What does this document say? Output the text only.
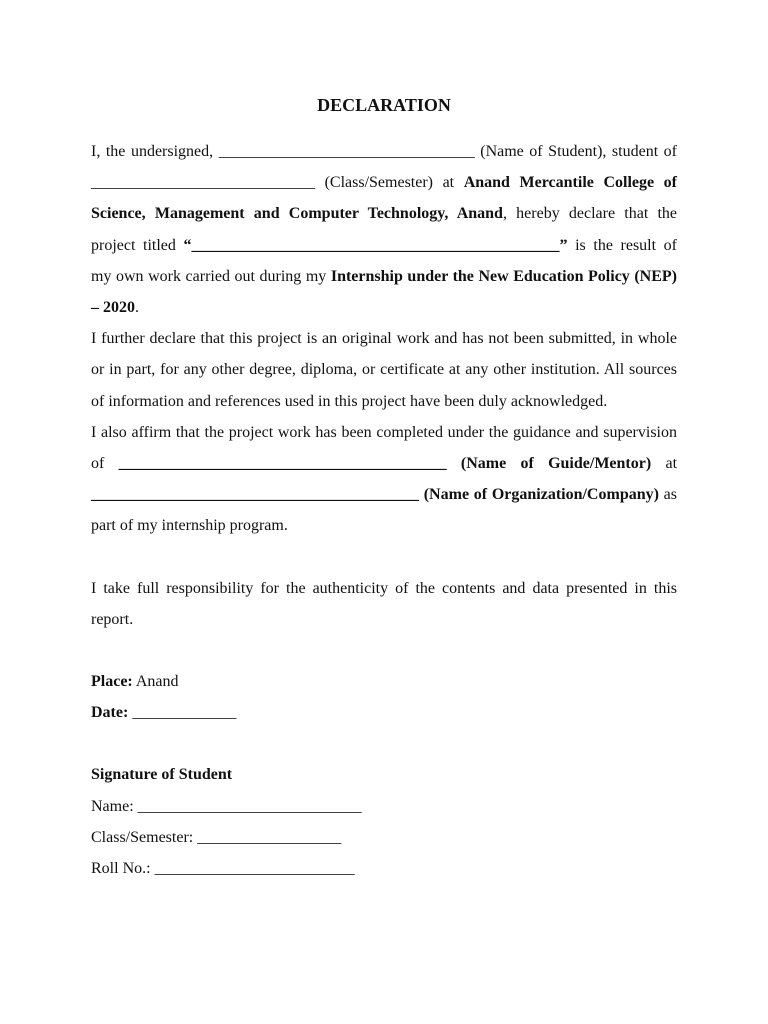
DECLARATION

I, the undersigned, ________________________________ (Name of Student), student of ____________________________ (Class/Semester) at Anand Mercantile College of Science, Management and Computer Technology, Anand, hereby declare that the project titled “______________________________________________” is the result of my own work carried out during my Internship under the New Education Policy (NEP) – 2020.

I further declare that this project is an original work and has not been submitted, in whole or in part, for any other degree, diploma, or certificate at any other institution. All sources of information and references used in this project have been duly acknowledged.

I also affirm that the project work has been completed under the guidance and supervision of _________________________________________ (Name of Guide/Mentor) at _________________________________________ (Name of Organization/Company) as part of my internship program.

I take full responsibility for the authenticity of the contents and data presented in this report.

Place: Anand

Date: _____________

Signature of Student

Name: ____________________________

Class/Semester: __________________

Roll No.: _________________________
